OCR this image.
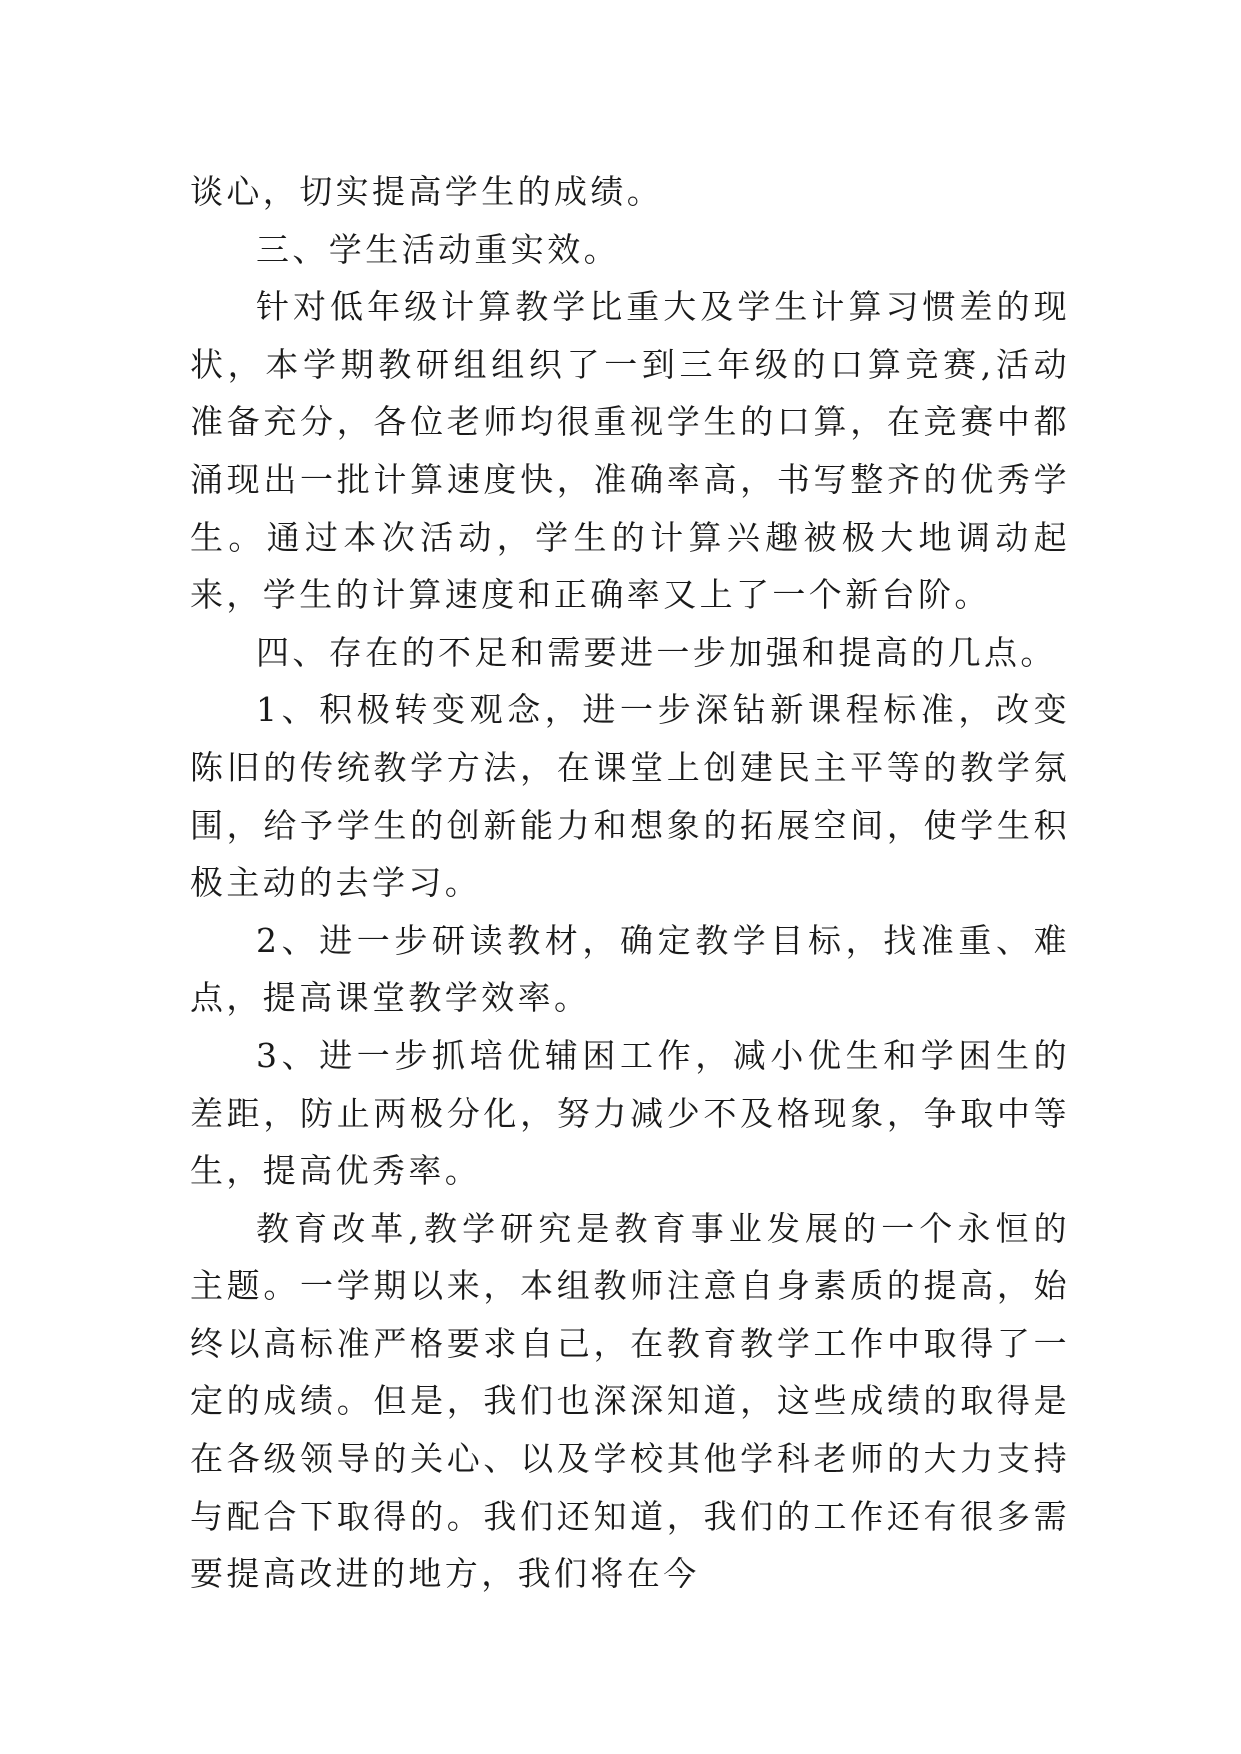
谈心，切实提高学生的成绩。

三、学生活动重实效。

针对低年级计算教学比重大及学生计算习惯差的现状，本学期教研组组织了一到三年级的口算竞赛,活动准备充分，各位老师均很重视学生的口算，在竞赛中都涌现出一批计算速度快，准确率高，书写整齐的优秀学生。通过本次活动，学生的计算兴趣被极大地调动起来，学生的计算速度和正确率又上了一个新台阶。

四、存在的不足和需要进一步加强和提高的几点。

1、积极转变观念，进一步深钻新课程标准，改变陈旧的传统教学方法，在课堂上创建民主平等的教学氛围，给予学生的创新能力和想象的拓展空间，使学生积极主动的去学习。

2、进一步研读教材，确定教学目标，找准重、难点，提高课堂教学效率。

3、进一步抓培优辅困工作，减小优生和学困生的差距，防止两极分化，努力减少不及格现象，争取中等生，提高优秀率。

教育改革,教学研究是教育事业发展的一个永恒的主题。一学期以来，本组教师注意自身素质的提高，始终以高标准严格要求自己，在教育教学工作中取得了一定的成绩。但是，我们也深深知道，这些成绩的取得是在各级领导的关心、以及学校其他学科老师的大力支持与配合下取得的。我们还知道，我们的工作还有很多需要提高改进的地方，我们将在今
